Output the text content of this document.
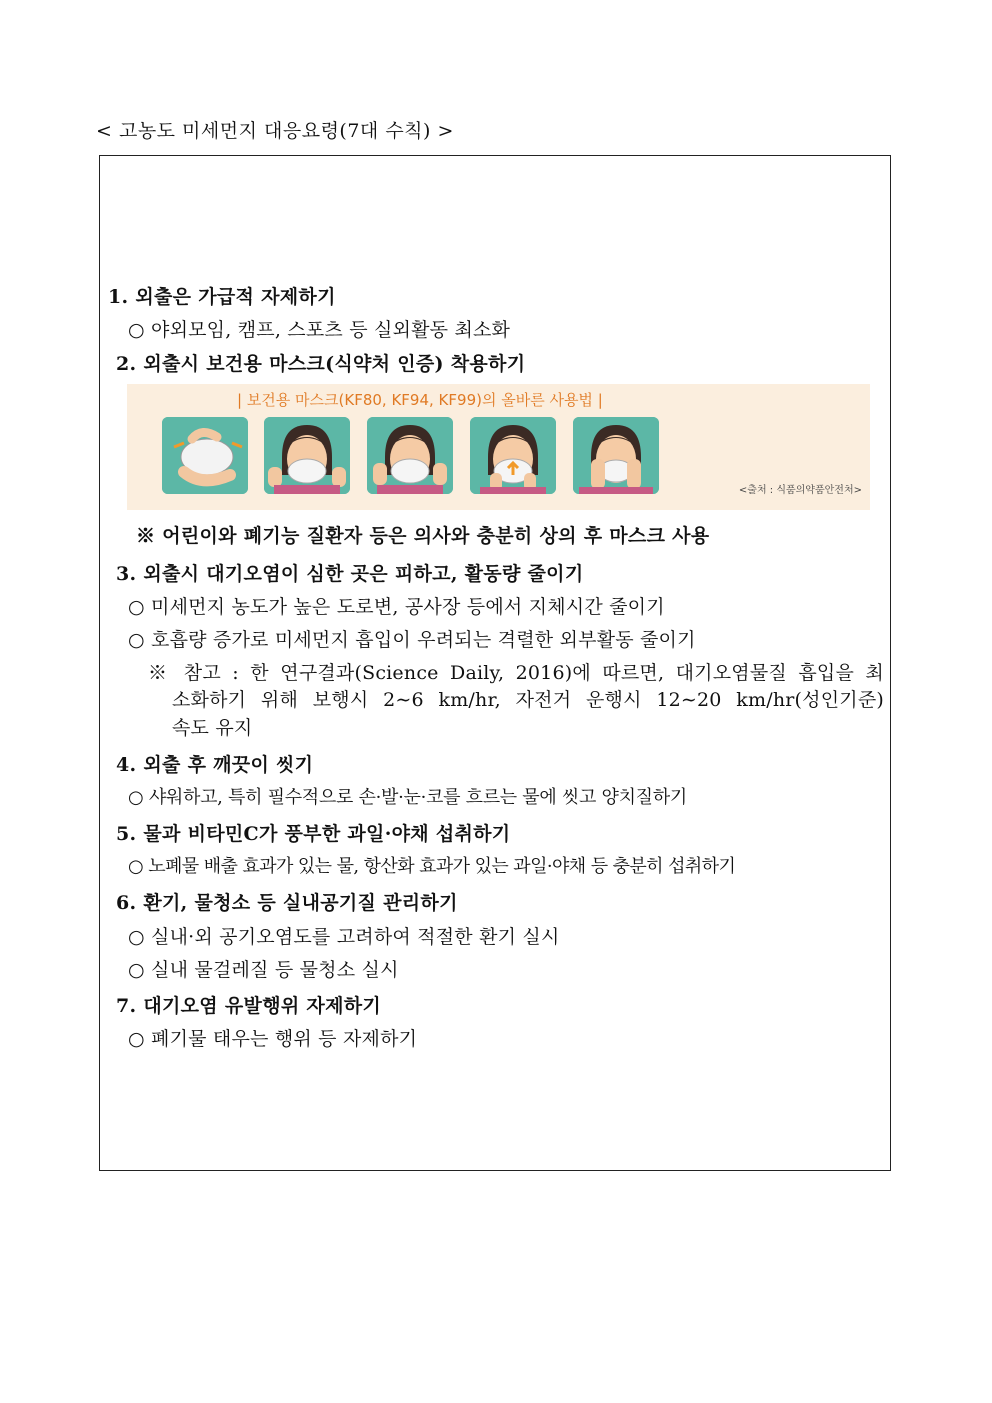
< 고농도 미세먼지 대응요령(7대 수칙) >
1. 외출은 가급적 자제하기
○ 야외모임, 캠프, 스포츠 등 실외활동 최소화
2. 외출시 보건용 마스크(식약처 인증) 착용하기
| 보건용 마스크(KF80, KF94, KF99)의 올바른 사용법 |
<출처 : 식품의약품안전처>
※ 어린이와 폐기능 질환자 등은 의사와 충분히 상의 후 마스크 사용
3. 외출시 대기오염이 심한 곳은 피하고, 활동량 줄이기
○ 미세먼지 농도가 높은 도로변, 공사장 등에서 지체시간 줄이기
○ 호흡량 증가로 미세먼지 흡입이 우려되는 격렬한 외부활동 줄이기
※ 참고 : 한 연구결과(Science Daily, 2016)에 따르면, 대기오염물질 흡입을 최
소화하기 위해 보행시 2∼6 km/hr, 자전거 운행시 12∼20 km/hr(성인기준)
속도 유지
4. 외출 후 깨끗이 씻기
○ 샤워하고, 특히 필수적으로 손·발·눈·코를 흐르는 물에 씻고 양치질하기
5. 물과 비타민C가 풍부한 과일·야채 섭취하기
○ 노폐물 배출 효과가 있는 물, 항산화 효과가 있는 과일·야채 등 충분히 섭취하기
6. 환기, 물청소 등 실내공기질 관리하기
○ 실내·외 공기오염도를 고려하여 적절한 환기 실시
○ 실내 물걸레질 등 물청소 실시
7. 대기오염 유발행위 자제하기
○ 폐기물 태우는 행위 등 자제하기
